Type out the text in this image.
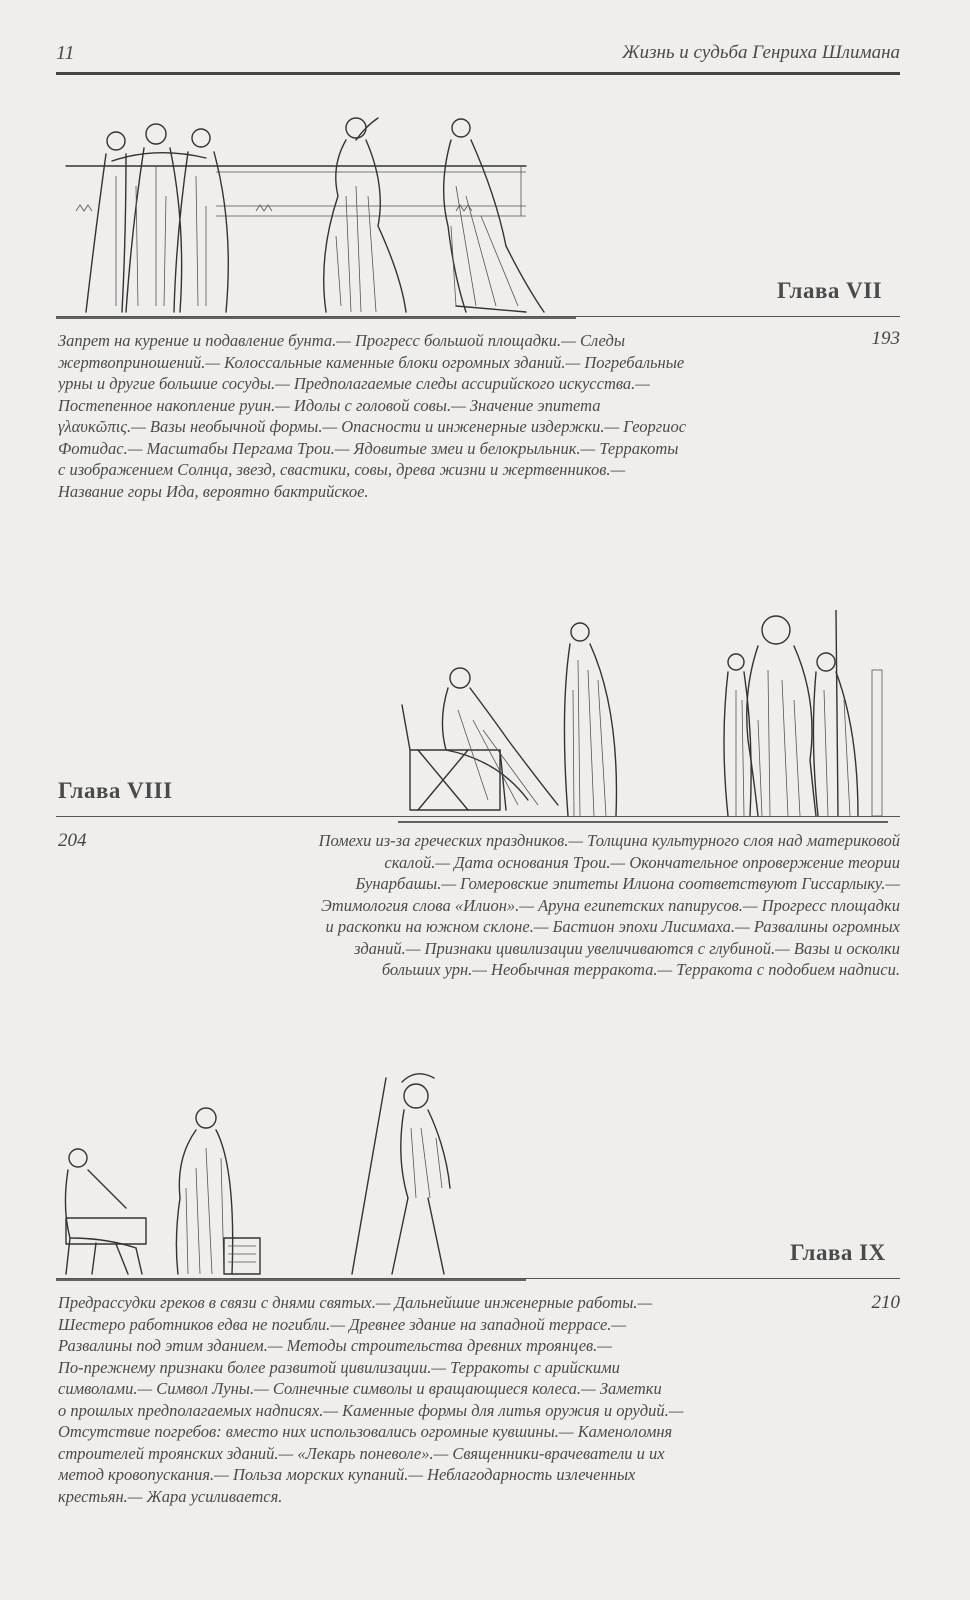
11	Жизнь и судьба Генриха Шлимана
Глава VII
193
Запрет на курение и подавление бунта.— Прогресс большой площадки.— Следы
жертвоприношений.— Колоссальные каменные блоки огромных зданий.— Погребальные
урны и другие большие сосуды.— Предполагаемые следы ассирийского искусства.—
Постепенное накопление руин.— Идолы с головой совы.— Значение эпитета
γλαυκῶπις.— Вазы необычной формы.— Опасности и инженерные издержки.— Георгиос
Фотидас.— Масштабы Пергама Трои.— Ядовитые змеи и белокрыльник.— Терракоты
с изображением Солнца, звезд, свастики, совы, древа жизни и жертвенников.—
Название горы Ида, вероятно бактрийское.
Глава VIII
204	Помехи из-за греческих праздников.— Толщина культурного слоя над материковой
скалой.— Дата основания Трои.— Окончательное опровержение теории
Бунарбашы.— Гомеровские эпитеты Илиона соответствуют Гиссарлыку.—
Этимология слова «Илион».— Аруна египетских папирусов.— Прогресс площадки
и раскопки на южном склоне.— Бастион эпохи Лисимаха.— Развалины огромных
зданий.— Признаки цивилизации увеличиваются с глубиной.— Вазы и осколки
больших урн.— Необычная терракота.— Терракота с подобием надписи.
Глава IX
210
Предрассудки греков в связи с днями святых.— Дальнейшие инженерные работы.—
Шестеро работников едва не погибли.— Древнее здание на западной террасе.—
Развалины под этим зданием.— Методы строительства древних троянцев.—
По-прежнему признаки более развитой цивилизации.— Терракоты с арийскими
символами.— Символ Луны.— Солнечные символы и вращающиеся колеса.— Заметки
о прошлых предполагаемых надписях.— Каменные формы для литья оружия и орудий.—
Отсутствие погребов: вместо них использовались огромные кувшины.— Каменоломня
строителей троянских зданий.— «Лекарь поневоле».— Священники-врачеватели и их
метод кровопускания.— Польза морских купаний.— Неблагодарность излеченных
крестьян.— Жара усиливается.
